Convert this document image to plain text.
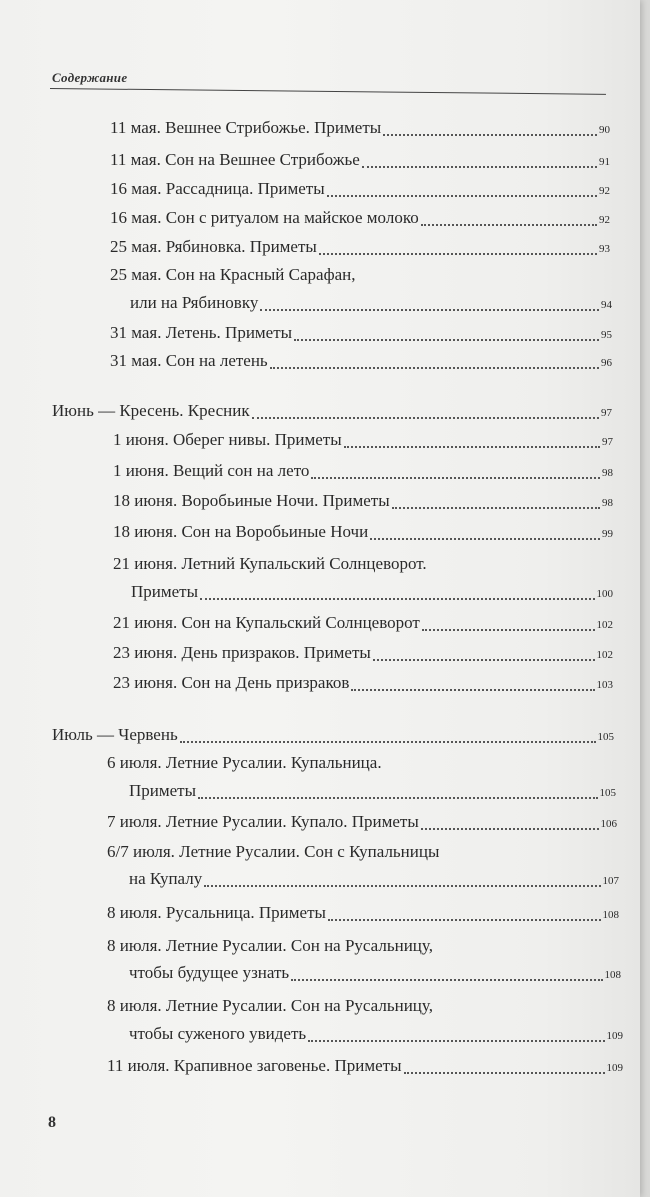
Содержание
11 мая. Вешнее Стрибожье. Приметы	90
11 мая. Сон на Вешнее Стрибожье	91
16 мая. Рассадница. Приметы	92
16 мая. Сон с ритуалом на майское молоко	92
25 мая. Рябиновка. Приметы	93
25 мая. Сон на Красный Сарафан,
или на Рябиновку	94
31 мая. Летень. Приметы	95
31 мая. Сон на летень	96
Июнь — Кресень. Кресник	97
1 июня. Оберег нивы. Приметы	97
1 июня. Вещий сон на лето	98
18 июня. Воробьиные Ночи. Приметы	98
18 июня. Сон на Воробьиные Ночи	99
21 июня. Летний Купальский Солнцеворот.
Приметы	100
21 июня. Сон на Купальский Солнцеворот	102
23 июня. День призраков. Приметы	102
23 июня. Сон на День призраков	103
Июль — Червень	105
6 июля. Летние Русалии. Купальница.
Приметы	105
7 июля. Летние Русалии. Купало. Приметы	106
6/7 июля. Летние Русалии. Сон с Купальницы
на Купалу	107
8 июля. Русальница. Приметы	108
8 июля. Летние Русалии. Сон на Русальницу,
чтобы будущее узнать	108
8 июля. Летние Русалии. Сон на Русальницу,
чтобы суженого увидеть	109
11 июля. Крапивное заговенье. Приметы	109
8
